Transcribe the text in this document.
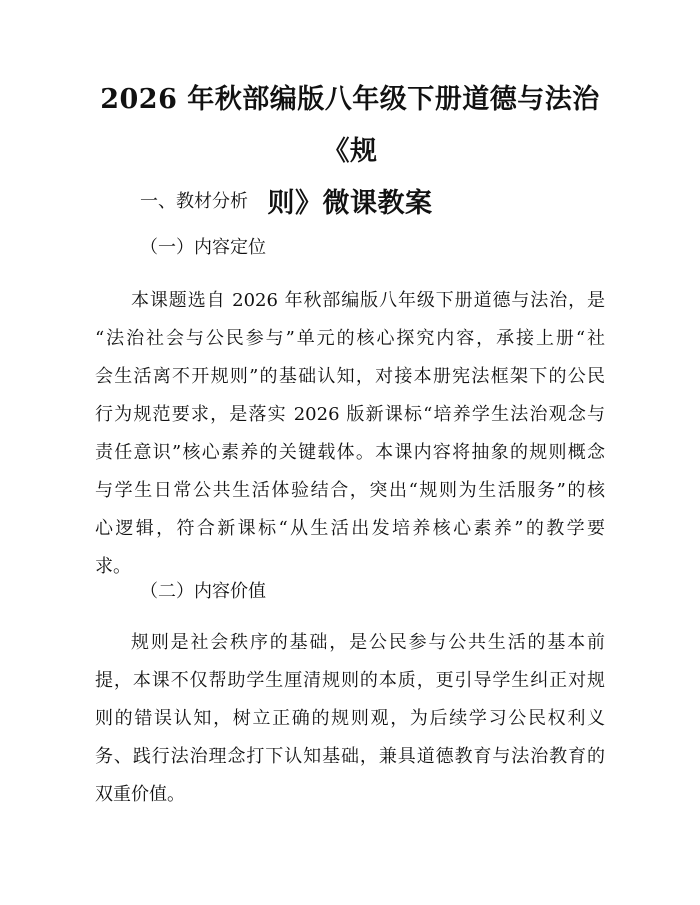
2026 年秋部编版八年级下册道德与法治《规
则》微课教案
一、教材分析
（一）内容定位
本课题选自 2026 年秋部编版八年级下册道德与法治，是
“法治社会与公民参与”单元的核心探究内容，承接上册“社
会生活离不开规则”的基础认知，对接本册宪法框架下的公民
行为规范要求，是落实 2026 版新课标“培养学生法治观念与
责任意识”核心素养的关键载体。本课内容将抽象的规则概念
与学生日常公共生活体验结合，突出“规则为生活服务”的核
心逻辑，符合新课标“从生活出发培养核心素养”的教学要
求。
（二）内容价值
规则是社会秩序的基础，是公民参与公共生活的基本前
提，本课不仅帮助学生厘清规则的本质，更引导学生纠正对规
则的错误认知，树立正确的规则观，为后续学习公民权利义
务、践行法治理念打下认知基础，兼具道德教育与法治教育的
双重价值。
